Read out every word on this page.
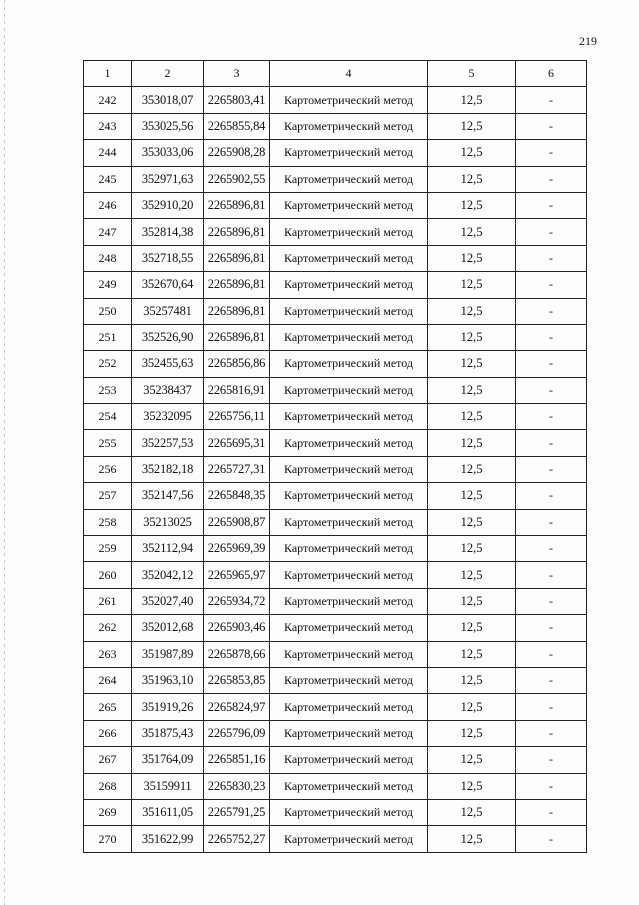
219
1	2	3	4	5	6
242	353018,07	2265803,41	Картометрический метод	12,5	-
243	353025,56	2265855,84	Картометрический метод	12,5	-
244	353033,06	2265908,28	Картометрический метод	12,5	-
245	352971,63	2265902,55	Картометрический метод	12,5	-
246	352910,20	2265896,81	Картометрический метод	12,5	-
247	352814,38	2265896,81	Картометрический метод	12,5	-
248	352718,55	2265896,81	Картометрический метод	12,5	-
249	352670,64	2265896,81	Картометрический метод	12,5	-
250	35257481	2265896,81	Картометрический метод	12,5	-
251	352526,90	2265896,81	Картометрический метод	12,5	-
252	352455,63	2265856,86	Картометрический метод	12,5	-
253	35238437	2265816,91	Картометрический метод	12,5	-
254	35232095	2265756,11	Картометрический метод	12,5	-
255	352257,53	2265695,31	Картометрический метод	12,5	-
256	352182,18	2265727,31	Картометрический метод	12,5	-
257	352147,56	2265848,35	Картометрический метод	12,5	-
258	35213025	2265908,87	Картометрический метод	12,5	-
259	352112,94	2265969,39	Картометрический метод	12,5	-
260	352042,12	2265965,97	Картометрический метод	12,5	-
261	352027,40	2265934,72	Картометрический метод	12,5	-
262	352012,68	2265903,46	Картометрический метод	12,5	-
263	351987,89	2265878,66	Картометрический метод	12,5	-
264	351963,10	2265853,85	Картометрический метод	12,5	-
265	351919,26	2265824,97	Картометрический метод	12,5	-
266	351875,43	2265796,09	Картометрический метод	12,5	-
267	351764,09	2265851,16	Картометрический метод	12,5	-
268	35159911	2265830,23	Картометрический метод	12,5	-
269	351611,05	2265791,25	Картометрический метод	12,5	-
270	351622,99	2265752,27	Картометрический метод	12,5	-
